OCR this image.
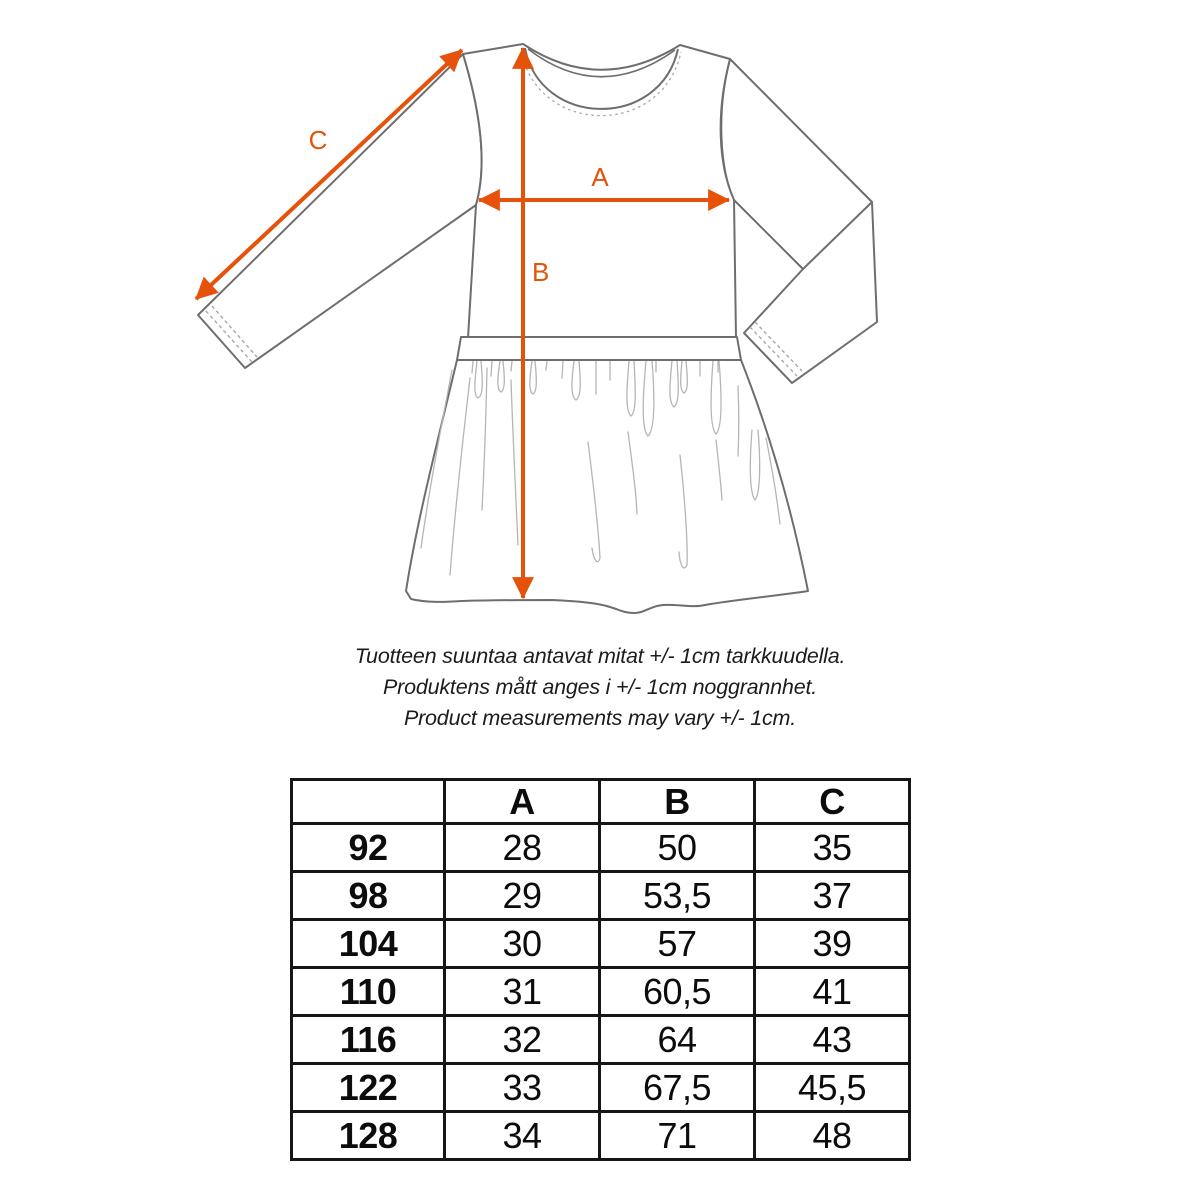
A
B
C
Tuotteen suuntaa antavat mitat +/- 1cm tarkkuudella.
Produktens mått anges i +/- 1cm noggrannhet.
Product measurements may vary +/- 1cm.
	A	B	C
92	28	50	35
98	29	53,5	37
104	30	57	39
110	31	60,5	41
116	32	64	43
122	33	67,5	45,5
128	34	71	48
